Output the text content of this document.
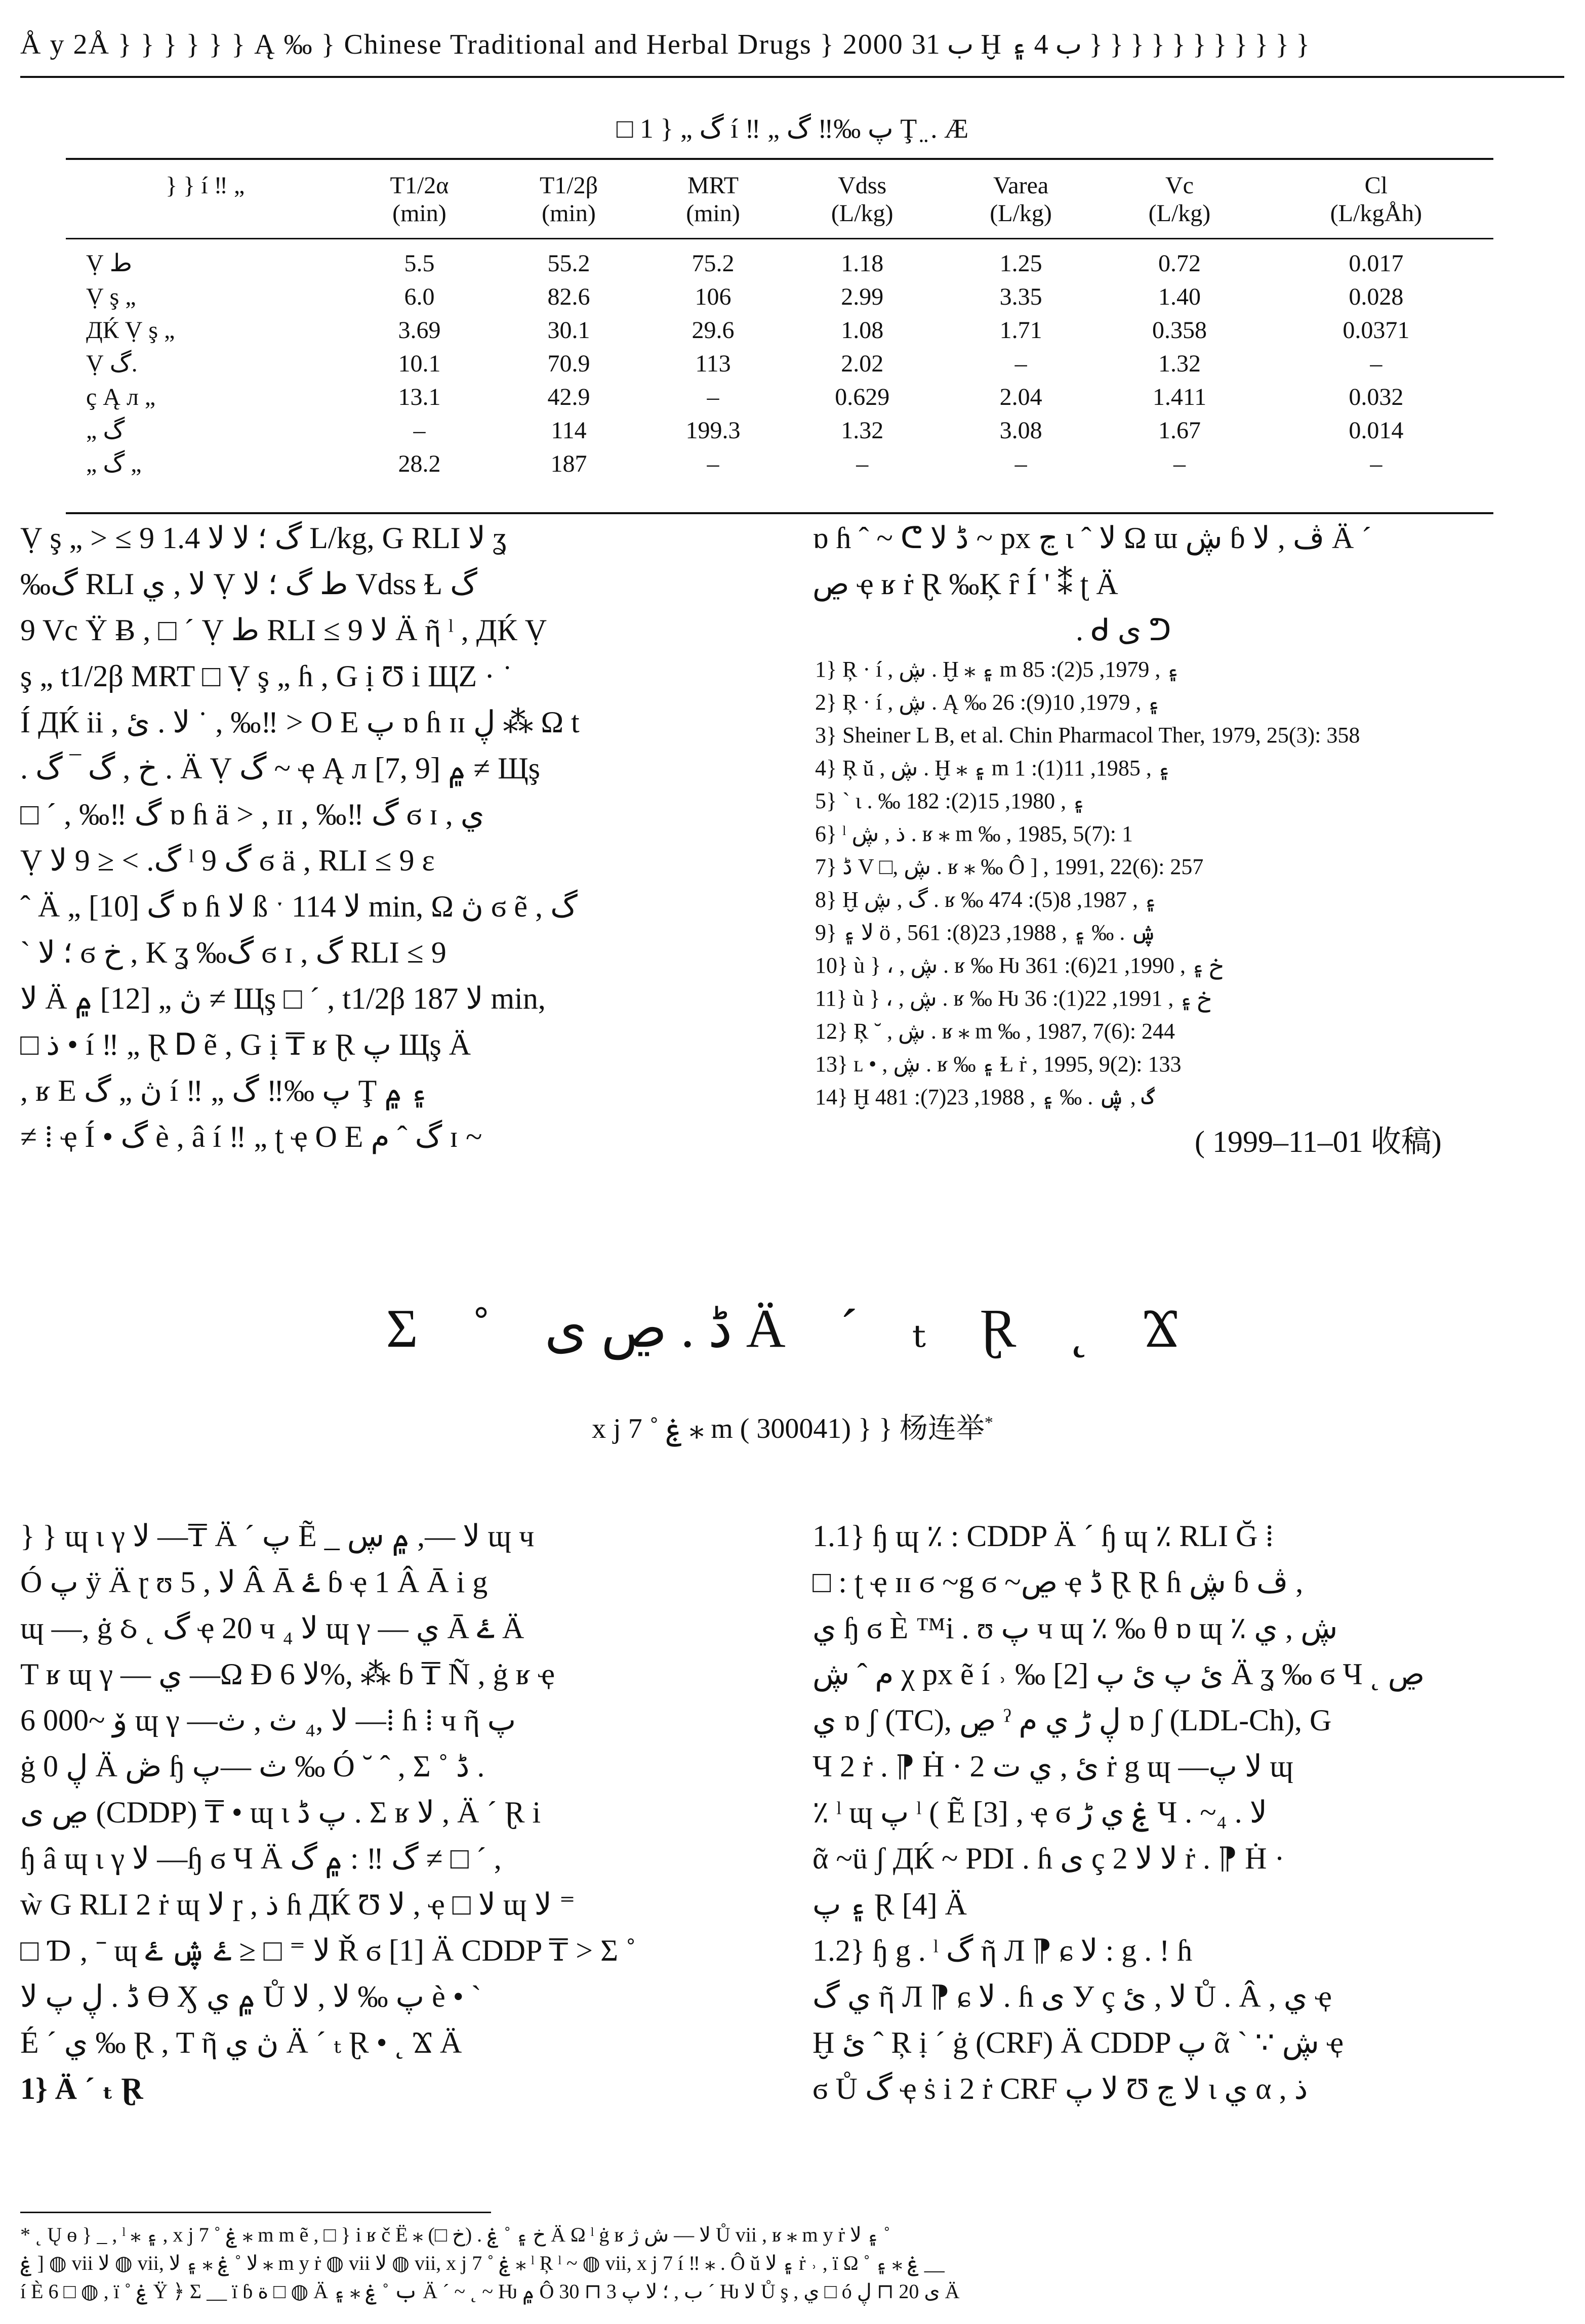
Å y 2Å } } } } } } Ą ‰ } Chinese Traditional and Herbal Drugs } 2000 ب 31 Ḫ ب 4 ۽ } } } } } } } } } } }
□ 1 } „ گ í ‼ „ پ ‰‼ گ Ţ ̤ . Æ
} } í ‼ „	T1/2α	T1/2β	MRT	Vdss	Varea	Vc	Cl
	(min)	(min)	(min)	(L/kg)	(L/kg)	(L/kg)	(L/kgÅh)
Ṿ ط	5.5	55.2	75.2	1.18	1.25	0.72	0.017
Ṿ ş „	6.0	82.6	106	2.99	3.35	1.40	0.028
ДЌ Ṿ ş „	3.69	30.1	29.6	1.08	1.71	0.358	0.0371
Ṿ گ.	10.1	70.9	113	2.02	–	1.32	–
ç Ą л „	13.1	42.9	–	0.629	2.04	1.411	0.032
„ گ	–	114	199.3	1.32	3.08	1.67	0.014
„ گ „	28.2	187	–	–	–	–	–

Ṿ ş „ > ≤ 9 گ ؛ ﻻ ﻻ 1.4 L/kg, G RLI ﻻ ʓ

‰گ RLI ﻻ , ي Ṿ ط گ ؛ ﻻ Vdss Ɫ گ

9 Vc Ÿ Ƀ , □ ´ Ṿ ط RLI ≤ 9 ﻻ Ä ῆ ˡ , ДЌ Ṿ

ş „ t1/2β MRT □ Ṿ ş „ ɦ , G ị Ʊ i ЩZ · ˙

Í ДЌ ii , ﻻ . ئ ˙ , ‰‼ > O E پ ɒ ɦ ɪɪ ڸ ⁂ Ω t

. خ , گ ‾ گ . Ä Ṿ گ ~ ҿ Ą л [7, 9] ۾ ≠ Щş

□ ´ , ‰‼ گ ɒ ɦ ä > , ɪɪ , ‰‼ گ ϭ ɪ , ي

Ṿ گ. > ≤ 9 ﻻ ˡ 9 گ ϭ ä , RLI ≤ 9 ε

ˆ Ä „ گ [10] ɒ ɦ ﻻ ß ˑ ﻻ 114 min, Ω ڽ ϭ ẽ , گ

` ؛ ﻻ ϭ خ , K ʓ ‰گ ϭ ɪ , گ RLI ≤ 9

ﻻ Ä ڽ „ [12] ۾ ≠ Щş □ ´ , t1/2β ﻻ 187 min,

□ ذ • í ‼ „ Ɽ Ꭰ ẽ , G ị ₸ ʁ Ɽ پ Щş Ä

, ʁ E ڽ „ گ í ‼ „ پ ‰‼ گ Ţ ۽ ۾

≠ ⁞ ҿ Í • گ è , â í ‼ „ ʈ ҿ O E گ ˆ م ɪ ~

ɒ ɦ ˆ ~ ᕦ ڈ ﻻ ~ px ڃ ɩ ˆ ﻻ Ω ɯ ڜ ɓ ڤ , ﻻ Ä ´

ڝ ҿ ʁ ṙ Ɽ ‰Ķ ȓ Í ' ⁑ ʈ Ä

. ᑯ ى ᕤ

1} Ŗ · í , ڜ . Ḫ ⁎ ۽ m ۽ , 1979, 5(2): 85

2} Ŗ · í , ڜ . Ą ‰ ۽ , 1979, 10(9): 26

3} Sheiner L B, et al. Chin Pharmacol Ther, 1979, 25(3): 358

4} Ŗ ŭ , ڜ . Ḫ ⁎ ۽ m ۽ , 1985, 11(1): 1

5} ` ɩ . ‰ ۽ , 1980, 15(2): 182

6} ˡ ذ , ڜ . ʁ ⁎ m ‰ , 1985, 5(7): 1

7} ڈ V □, ڜ . ʁ ⁎ ‰ Ô ] , 1991, 22(6): 257

8} Ḫ گ , ڜ . ʁ ‰ ۽ , 1987, 8(5): 474

9} ﻻ ۽ ö , ڜ . ‰ ۽ , 1988, 23(8): 561

10} ù } ، , ڜ . ʁ ‰ Ƕ خ ۽ , 1990, 21(6): 361

11} ù } ، , ڜ . ʁ ‰ Ƕ خ ۽ , 1991, 22(1): 36

12} Ŗ ˘ , ڜ . ʁ ⁎ m ‰ , 1987, 7(6): 244

13} ʟ • , ڜ . ʁ ‰ ۽ Ɫ ṙ , 1995, 9(2): 133

14} Ḫ گ , ڜ . ‰ ۽ , 1988, 23(7): 481

( 1999–11–01 收稿)
Σ ˚ ڈ . ڝ ى Ä ˊ ₜ Ɽ ˛ Ϫ
x j 7 ˚ ۼ ⁎ m ( 300041) } } 杨连举*

} } ɰ ɩ γ ﻻ —₸ Ä ´ پ Ẽ _ ﻻ —, ۾ ڛ ɰ ч

Ó پ ÿ Ä ɽ ʊ ﻻ , 5 Â Ā ۓ ɓ ҿ 1 Â Ā i g

ɰ —, ġ ઠ ˛ گ ҿ 20 ч ₄ ﻻ ɰ γ — ي Ā ۓ Ä

T ʁ ɰ γ — ي —Ω Ð ﻻ 6%, ⁂ ɓ ₸ Ñ , ġ ʁ ҿ

6 000~ ۆ ɰ γ —ﻻ ,₄ ث , ث —⁞ ɦ ⁞ ч ῆ پ

ġ ڸ 0 Ä ڞ ɧ ث —پ ‰ Ó ˘ ˆ , Σ ˚ ڈ .

ڝ ى (CDDP) ₸ • ɰ ɩ پ ڈ . Σ ʁ ﻻ , Ä ´ Ɽ i

ɧ â ɰ ɩ γ ﻻ —ɧ ϭ Ч Ä گ ‼ : ۾ گ ≠ □ ´ ,

ẁ G RLI 2 ṙ ɰ ﻻ ɼ , ذ ɦ ДЌ Ʊ ﻻ , ҿ □ ﻻ ɰ ﻻ ⁼

□ Ɗ ‚ ˉ ɰ ﻻ ⁼ □ ≤ ۓ ڜ ۓ Ř ϭ [1] Ä CDDP ₸ > Σ ˚

ڈ . ڸ پ ﻻ ϴ Ӽ ۾ ي Ů پ ‰ ﻻ , ﻻ è • `

É ´ ي ‰ Ɽ , T ῆ ڽ ي Ä ´ ₜ Ɽ • ˛ Ϫ Ä

1} Ä ´ ₜ Ɽ

1.1} ɧ ɰ ٪ : CDDP Ä ´ ɧ ɰ ٪ RLI Ğ ⁞

□ : ʈ ҿ ɪɪ ϭ ~g ϭ ~ڝ ҿ ڈ Ɽ Ɽ ɦ ڜ ɓ ڤ ,

ي ɧ ϭ È ™i . ʊ پ ч ɰ ٪ ‰ θ ɒ ɰ ٪ ڜ , ي

م ˆ ڜ χ px ẽ í ˒ ‰ ئ پ ئ پ [2] Ä ʓ ‰ ϭ Ч ˛ ڝ

ي ɒ ʃ (TC), ڝ ˀ ڸ ڑ ي م ɒ ʃ (LDL-Ch), G

Ч 2 ṙ . ⁋ Ḣ · ئ , ي ت 2 ṙ g ɰ —ﻻ پ ɰ

٪ ˡ ɰ پ ˡ ( Ẽ [3] , ҿ ϭ ۼ ي ڑ Ч . ~ﻻ . ₄

ᾶ ~ü ʃ ДЌ ~ PDI . ɦ ى ç ﻻ ﻻ 2 ṙ . ⁋ Ḣ ·

۽ پ Ɽ [4] Ä

1.2} ɧ g . ˡ گ ῆ Л ⁋ ɕ ﻻ : g . ! ɦ

ي گ ῆ Л ⁋ ɕ ﻻ . ɦ ى У ç ﻻ , ئ Ů . Â , ي ҿ

Ḫ ئ ˆ Ŗ ị ´ ġ (CRF) Ä CDDP پ ᾶ ˋ ∵ ڜ ҿ

ϭ Ů گ ҿ ṡ i 2 ṙ CRF ﻻ پ Ʊ ﻻ ڃ ɩ ي α , ذ

* ˛ Ų ɵ } _ , ˡ ⁎ ۽ , x j 7 ˚ ۼ ⁎ m m ẽ , □ } i ʁ č Ë ⁎ خ ۽ ˚ ۼ . (خ □) Ä Ω ˡ ġ ʁ ﻻ — ش ژ Ů vii , ʁ ⁎ m y ṙ ۽ ﻻ ˚

ۼ ] ◍ vii ﻻ ◍ vii, ﻻ ˚ ۼ ⁎ ۽ ﻻ ⁎ m y ṙ ◍ vii ﻻ ◍ vii, x j 7 ˚ ۼ ⁎ ˡ Ŗ ˡ ~ ◍ vii, x j 7 í ‼ ⁎ . Ô ŭ ۽ ﻻ ṙ ˒ , ï Ω ˚ ۼ ⁎ ۽ __

í È 6 □ ◍ , ï ˚ ۼ Ÿ ﴿ Σ __ ï ɓ ة □ ◍ Ä ب ˚ ۼ ⁎ ۽ Ä ´ ~ ˛ ~ Ƕ ۾ Ô 30 ⊓ ب , ؛ ﻻ پ 3 ´ Ƕ ﻻ Ů ş , ي □ ó ى 20 ⊓ ڸ Ä
